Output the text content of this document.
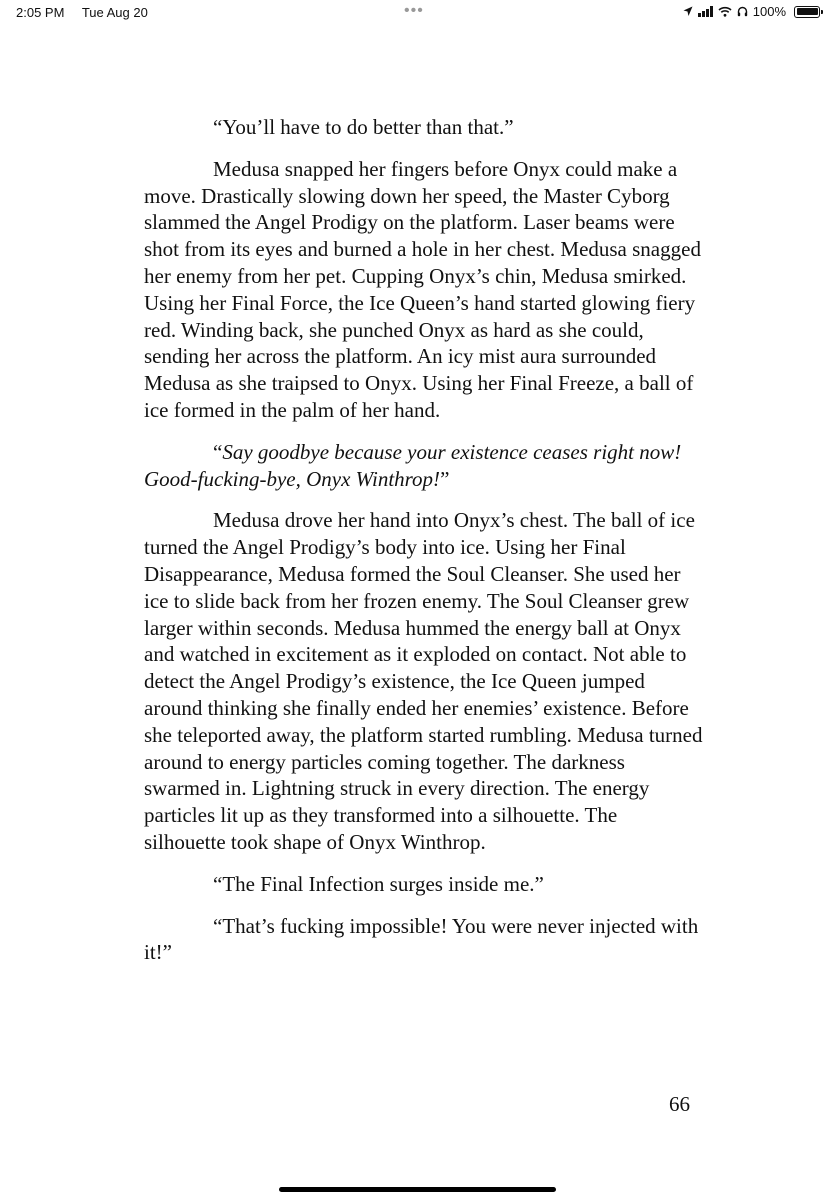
2:05 PM Tue Aug 20	•••	100%

“You’ll have to do better than that.”

Medusa snapped her fingers before Onyx could make a move. Drastically slowing down her speed, the Master Cyborg slammed the Angel Prodigy on the platform. Laser beams were shot from its eyes and burned a hole in her chest. Medusa snagged her enemy from her pet. Cupping Onyx’s chin, Medusa smirked. Using her Final Force, the Ice Queen’s hand started glowing fiery red. Winding back, she punched Onyx as hard as she could, sending her across the platform. An icy mist aura surrounded Medusa as she traipsed to Onyx. Using her Final Freeze, a ball of ice formed in the palm of her hand.

“Say goodbye because your existence ceases right now! Good-fucking-bye, Onyx Winthrop!”

Medusa drove her hand into Onyx’s chest. The ball of ice turned the Angel Prodigy’s body into ice. Using her Final Disappearance, Medusa formed the Soul Cleanser. She used her ice to slide back from her frozen enemy. The Soul Cleanser grew larger within seconds. Medusa hummed the energy ball at Onyx and watched in excitement as it exploded on contact. Not able to detect the Angel Prodigy’s existence, the Ice Queen jumped around thinking she finally ended her enemies’ existence. Before she teleported away, the platform started rumbling. Medusa turned around to energy particles coming together. The darkness swarmed in. Lightning struck in every direction. The energy particles lit up as they transformed into a silhouette. The silhouette took shape of Onyx Winthrop.

“The Final Infection surges inside me.”

“That’s fucking impossible! You were never injected with it!”

66
